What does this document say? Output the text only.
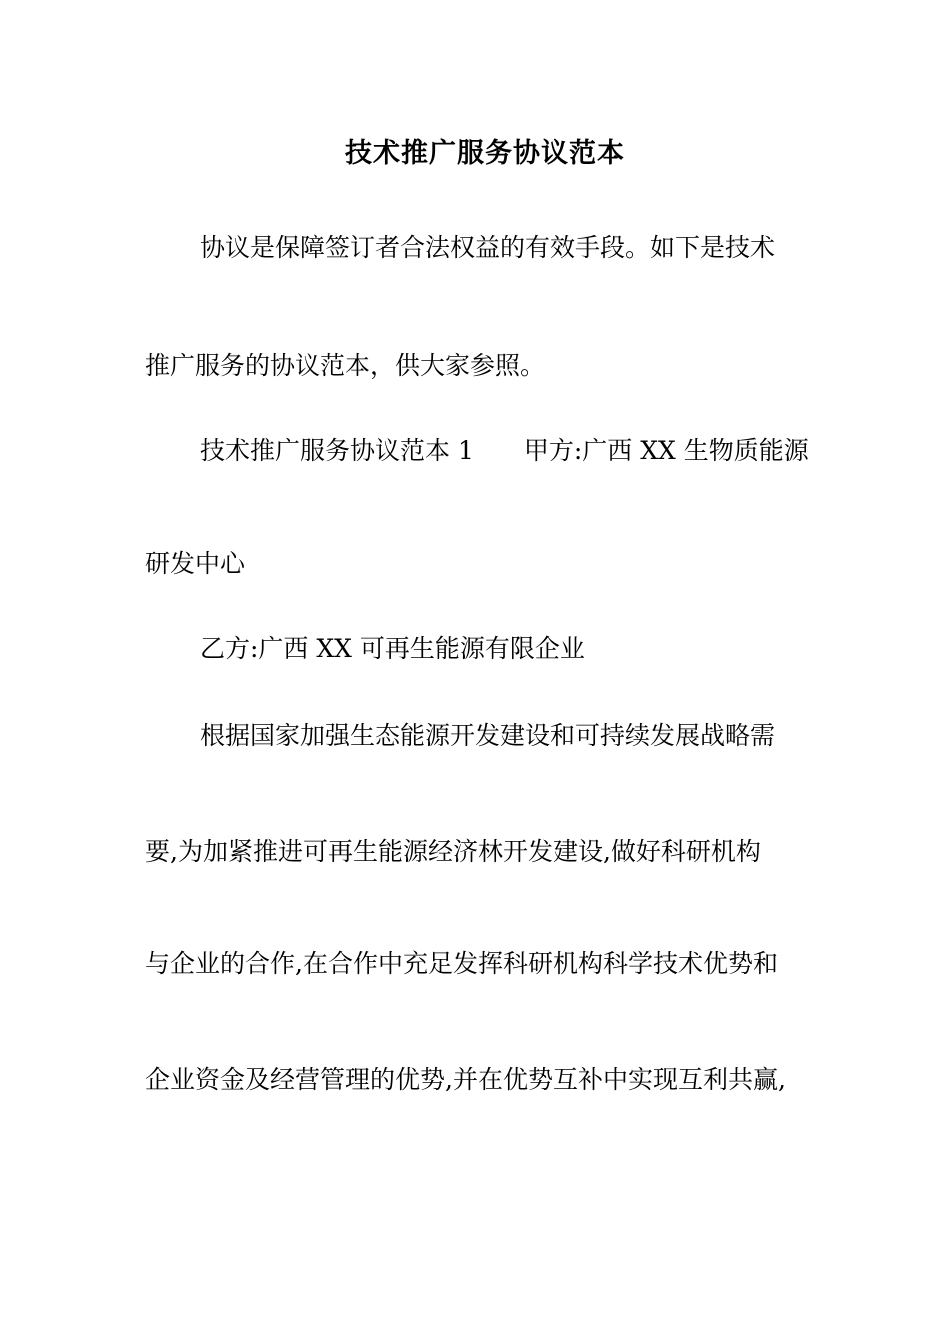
技术推广服务协议范本
协议是保障签订者合法权益的有效手段。如下是技术
推广服务的协议范本，供大家参照。
技术推广服务协议范本 1 甲方:广西 XX 生物质能源
研发中心
乙方:广西 XX 可再生能源有限企业
根据国家加强生态能源开发建设和可持续发展战略需
要,为加紧推进可再生能源经济林开发建设,做好科研机构
与企业的合作,在合作中充足发挥科研机构科学技术优势和
企业资金及经营管理的优势,并在优势互补中实现互利共赢,
